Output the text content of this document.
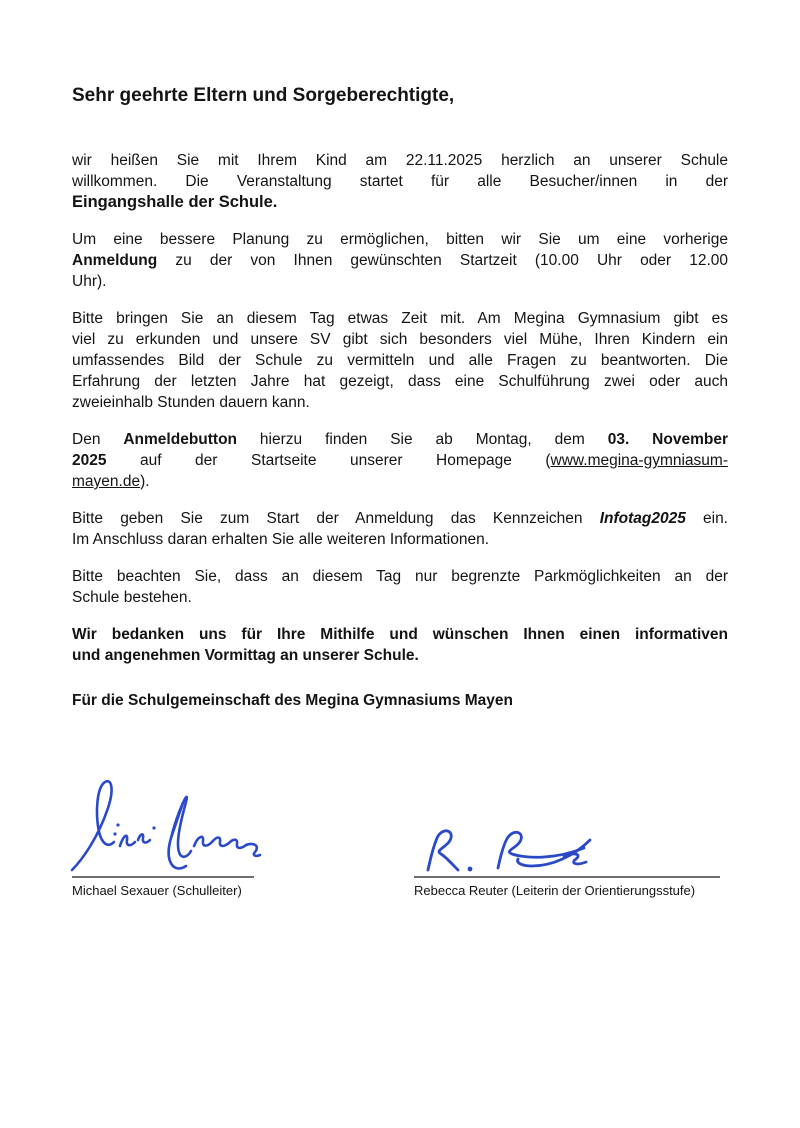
Sehr geehrte Eltern und Sorgeberechtigte,
wir heißen Sie mit Ihrem Kind am 22.11.2025 herzlich an unserer Schule
willkommen. Die Veranstaltung startet für alle Besucher/innen in der
Eingangshalle der Schule.
Um eine bessere Planung zu ermöglichen, bitten wir Sie um eine vorherige
Anmeldung zu der von Ihnen gewünschten Startzeit (10.00 Uhr oder 12.00
Uhr).
Bitte bringen Sie an diesem Tag etwas Zeit mit. Am Megina Gymnasium gibt es
viel zu erkunden und unsere SV gibt sich besonders viel Mühe, Ihren Kindern ein
umfassendes Bild der Schule zu vermitteln und alle Fragen zu beantworten. Die
Erfahrung der letzten Jahre hat gezeigt, dass eine Schulführung zwei oder auch
zweieinhalb Stunden dauern kann.
Den Anmeldebutton hierzu finden Sie ab Montag, dem 03. November
2025 auf der Startseite unserer Homepage (www.megina-gymniasum-
mayen.de).
Bitte geben Sie zum Start der Anmeldung das Kennzeichen Infotag2025 ein.
Im Anschluss daran erhalten Sie alle weiteren Informationen.
Bitte beachten Sie, dass an diesem Tag nur begrenzte Parkmöglichkeiten an der
Schule bestehen.
Wir bedanken uns für Ihre Mithilfe und wünschen Ihnen einen informativen
und angenehmen Vormittag an unserer Schule.
Für die Schulgemeinschaft des Megina Gymnasiums Mayen
Michael Sexauer (Schulleiter)	Rebecca Reuter (Leiterin der Orientierungsstufe)
